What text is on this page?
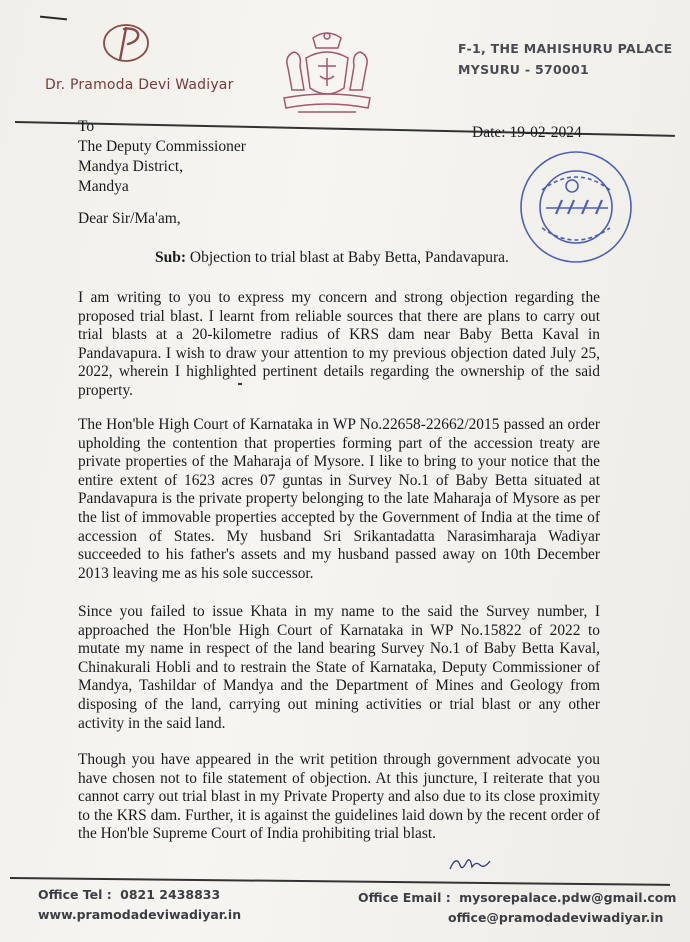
Dr. Pramoda Devi Wadiyar
F-1, THE MAHISHURU PALACE
MYSURU - 570001
To
The Deputy Commissioner
Mandya District,
Mandya
Date: 19-02-2024
Dear Sir/Ma'am,
Sub: Objection to trial blast at Baby Betta, Pandavapura.
I am writing to you to express my concern and strong objection regarding the proposed trial blast. I learnt from reliable sources that there are plans to carry out trial blasts at a 20-kilometre radius of KRS dam near Baby Betta Kaval in Pandavapura. I wish to draw your attention to my previous objection dated July 25, 2022, wherein I highlighted pertinent details regarding the ownership of the said property.
The Hon'ble High Court of Karnataka in WP No.22658-22662/2015 passed an order upholding the contention that properties forming part of the accession treaty are private properties of the Maharaja of Mysore. I like to bring to your notice that the entire extent of 1623 acres 07 guntas in Survey No.1 of Baby Betta situated at Pandavapura is the private property belonging to the late Maharaja of Mysore as per the list of immovable properties accepted by the Government of India at the time of accession of States. My husband Sri Srikantadatta Narasimharaja Wadiyar succeeded to his father's assets and my husband passed away on 10th December 2013 leaving me as his sole successor.
Since you failed to issue Khata in my name to the said the Survey number, I approached the Hon'ble High Court of Karnataka in WP No.15822 of 2022 to mutate my name in respect of the land bearing Survey No.1 of Baby Betta Kaval, Chinakurali Hobli and to restrain the State of Karnataka, Deputy Commissioner of Mandya, Tashildar of Mandya and the Department of Mines and Geology from disposing of the land, carrying out mining activities or trial blast or any other activity in the said land.
Though you have appeared in the writ petition through government advocate you have chosen not to file statement of objection. At this juncture, I reiterate that you cannot carry out trial blast in my Private Property and also due to its close proximity to the KRS dam. Further, it is against the guidelines laid down by the recent order of the Hon'ble Supreme Court of India prohibiting trial blast.
Office Tel : 0821 2438833
www.pramodadeviwadiyar.in
Office Email : mysorepalace.pdw@gmail.com
office@pramodadeviwadiyar.in
